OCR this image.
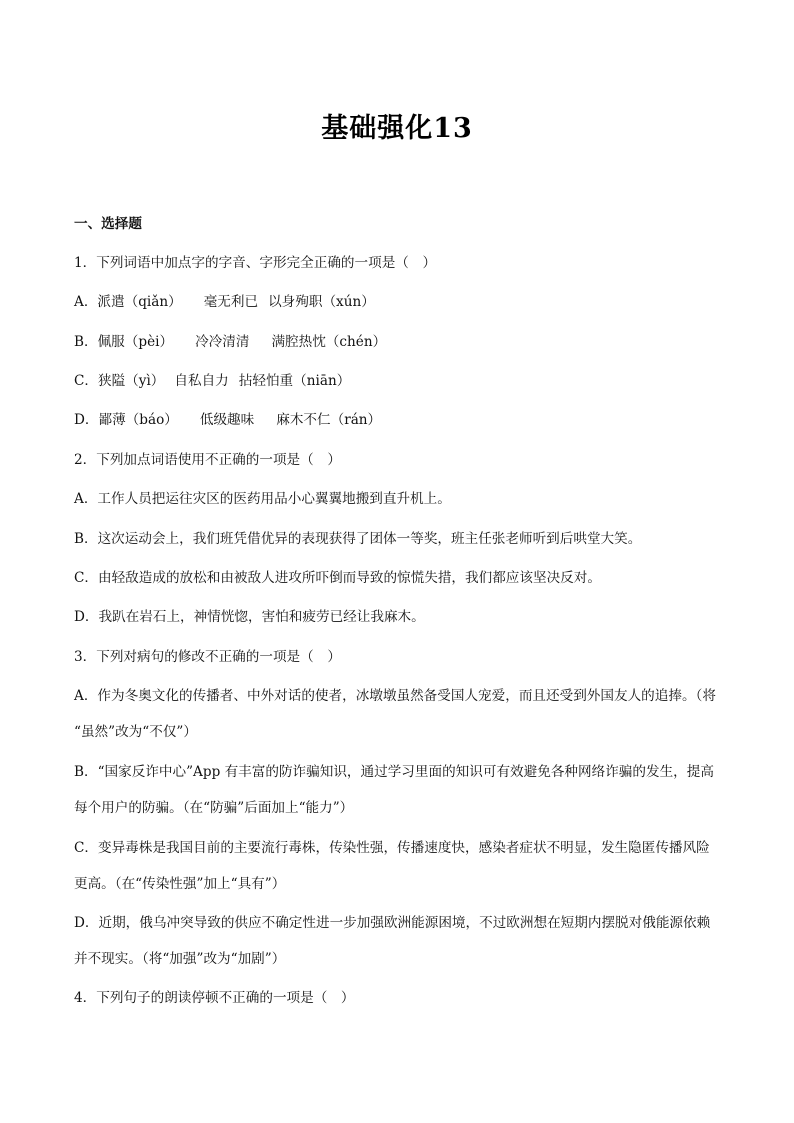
基础强化13
一、选择题
1．下列词语中加点字的字音、字形完全正确的一项是（　）
A．派遣（qiǎn） 毫无利已 以身殉职（xún）
B．佩服（pèi） 冷冷清清 满腔热忱（chén）
C．狭隘（yì） 自私自力 拈轻怕重（niān）
D．鄙薄（báo） 低级趣味 麻木不仁（rán）
2．下列加点词语使用不正确的一项是（　）
A．工作人员把运往灾区的医药用品小心翼翼地搬到直升机上。
B．这次运动会上，我们班凭借优异的表现获得了团体一等奖，班主任张老师听到后哄堂大笑。
C．由轻敌造成的放松和由被敌人进攻所吓倒而导致的惊慌失措，我们都应该坚决反对。
D．我趴在岩石上，神情恍惚，害怕和疲劳已经让我麻木。
3．下列对病句的修改不正确的一项是（　）
A．作为冬奥文化的传播者、中外对话的使者，冰墩墩虽然备受国人宠爱，而且还受到外国友人的追捧。（将
“虽然”改为“不仅”）
B．“国家反诈中心”App 有丰富的防诈骗知识，通过学习里面的知识可有效避免各种网络诈骗的发生，提高
每个用户的防骗。（在“防骗”后面加上“能力”）
C．变异毒株是我国目前的主要流行毒株，传染性强，传播速度快，感染者症状不明显，发生隐匿传播风险
更高。（在“传染性强”加上“具有”）
D．近期，俄乌冲突导致的供应不确定性进一步加强欧洲能源困境，不过欧洲想在短期内摆脱对俄能源依赖
并不现实。（将“加强”改为“加剧”）
4．下列句子的朗读停顿不正确的一项是（　）
